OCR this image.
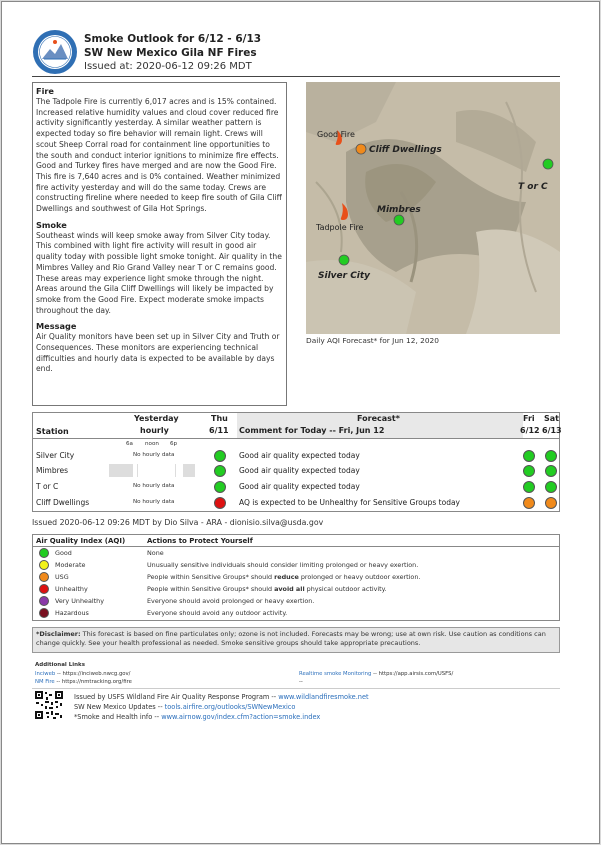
Smoke Outlook for 6/12 - 6/13
SW New Mexico Gila NF Fires
Issued at: 2020-06-12 09:26 MDT
Fire

The Tadpole Fire is currently 6,017 acres and is 15% contained. Increased relative humidity values and cloud cover reduced fire activity significantly yesterday. A similar weather pattern is expected today so fire behavior will remain light. Crews will scout Sheep Corral road for containment line opportunities to the south and conduct interior ignitions to minimize fire effects. Good and Turkey fires have merged and are now the Good Fire. This fire is 7,640 acres and is 0% contained. Weather minimized fire activity yesterday and will do the same today. Crews are constructing fireline where needed to keep fire south of Gila Cliff Dwellings and southwest of Gila Hot Springs.

Smoke

Southeast winds will keep smoke away from Silver City today. This combined with light fire activity will result in good air quality today with possible light smoke tonight. Air quality in the Mimbres Valley and Rio Grand Valley near T or C remains good. These areas may experience light smoke through the night. Areas around the Gila Cliff Dwellings will likely be impacted by smoke from the Good Fire. Expect moderate smoke impacts throughout the day.

Message

Air Quality monitors have been set up in Silver City and Truth or Consequences. These monitors are experiencing technical difficulties and hourly data is expected to be available by days end.

Good Fire
Cliff Dwellings
T or C
Mimbres
Tadpole Fire
Silver City
Daily AQI Forecast* for Jun 12, 2020
Station
Yesterday
hourly
Thu
6/11
Forecast*
Comment for Today -- Fri, Jun 12
Fri
6/12
Sat
6/13
6a noon 6p
Silver City	No hourly data	Good air quality expected today
Mimbres	Good air quality expected today
T or C	No hourly data	Good air quality expected today
Cliff Dwellings	No hourly data	AQ is expected to be Unhealthy for Sensitive Groups today
Issued 2020-06-12 09:26 MDT by Dio Silva - ARA - dionisio.silva@usda.gov
Air Quality Index (AQI)	Actions to Protect Yourself
Good	None
Moderate	Unusually sensitive individuals should consider limiting prolonged or heavy exertion.
USG	People within Sensitive Groups* should reduce prolonged or heavy outdoor exertion.
Unhealthy	People within Sensitive Groups* should avoid all physical outdoor activity.
Very Unhealthy	Everyone should avoid prolonged or heavy exertion.
Hazardous	Everyone should avoid any outdoor activity.
*Disclaimer: This forecast is based on fine particulates only; ozone is not included. Forecasts may be wrong; use at own risk. Use caution as conditions can change quickly. See your health professional as needed. Smoke sensitive groups should take appropriate precautions.
Additional Links
Inciweb -- https://inciweb.nwcg.gov/
NM Fire -- https://nmtracking.org/fire
Realtime smoke Monitoring -- https://app.airsis.com/USFS/
--
Issued by USFS Wildland Fire Air Quality Response Program -- www.wildlandfiresmoke.net
SW New Mexico Updates -- tools.airfire.org/outlooks/SWNewMexico
*Smoke and Health info -- www.airnow.gov/index.cfm?action=smoke.index
